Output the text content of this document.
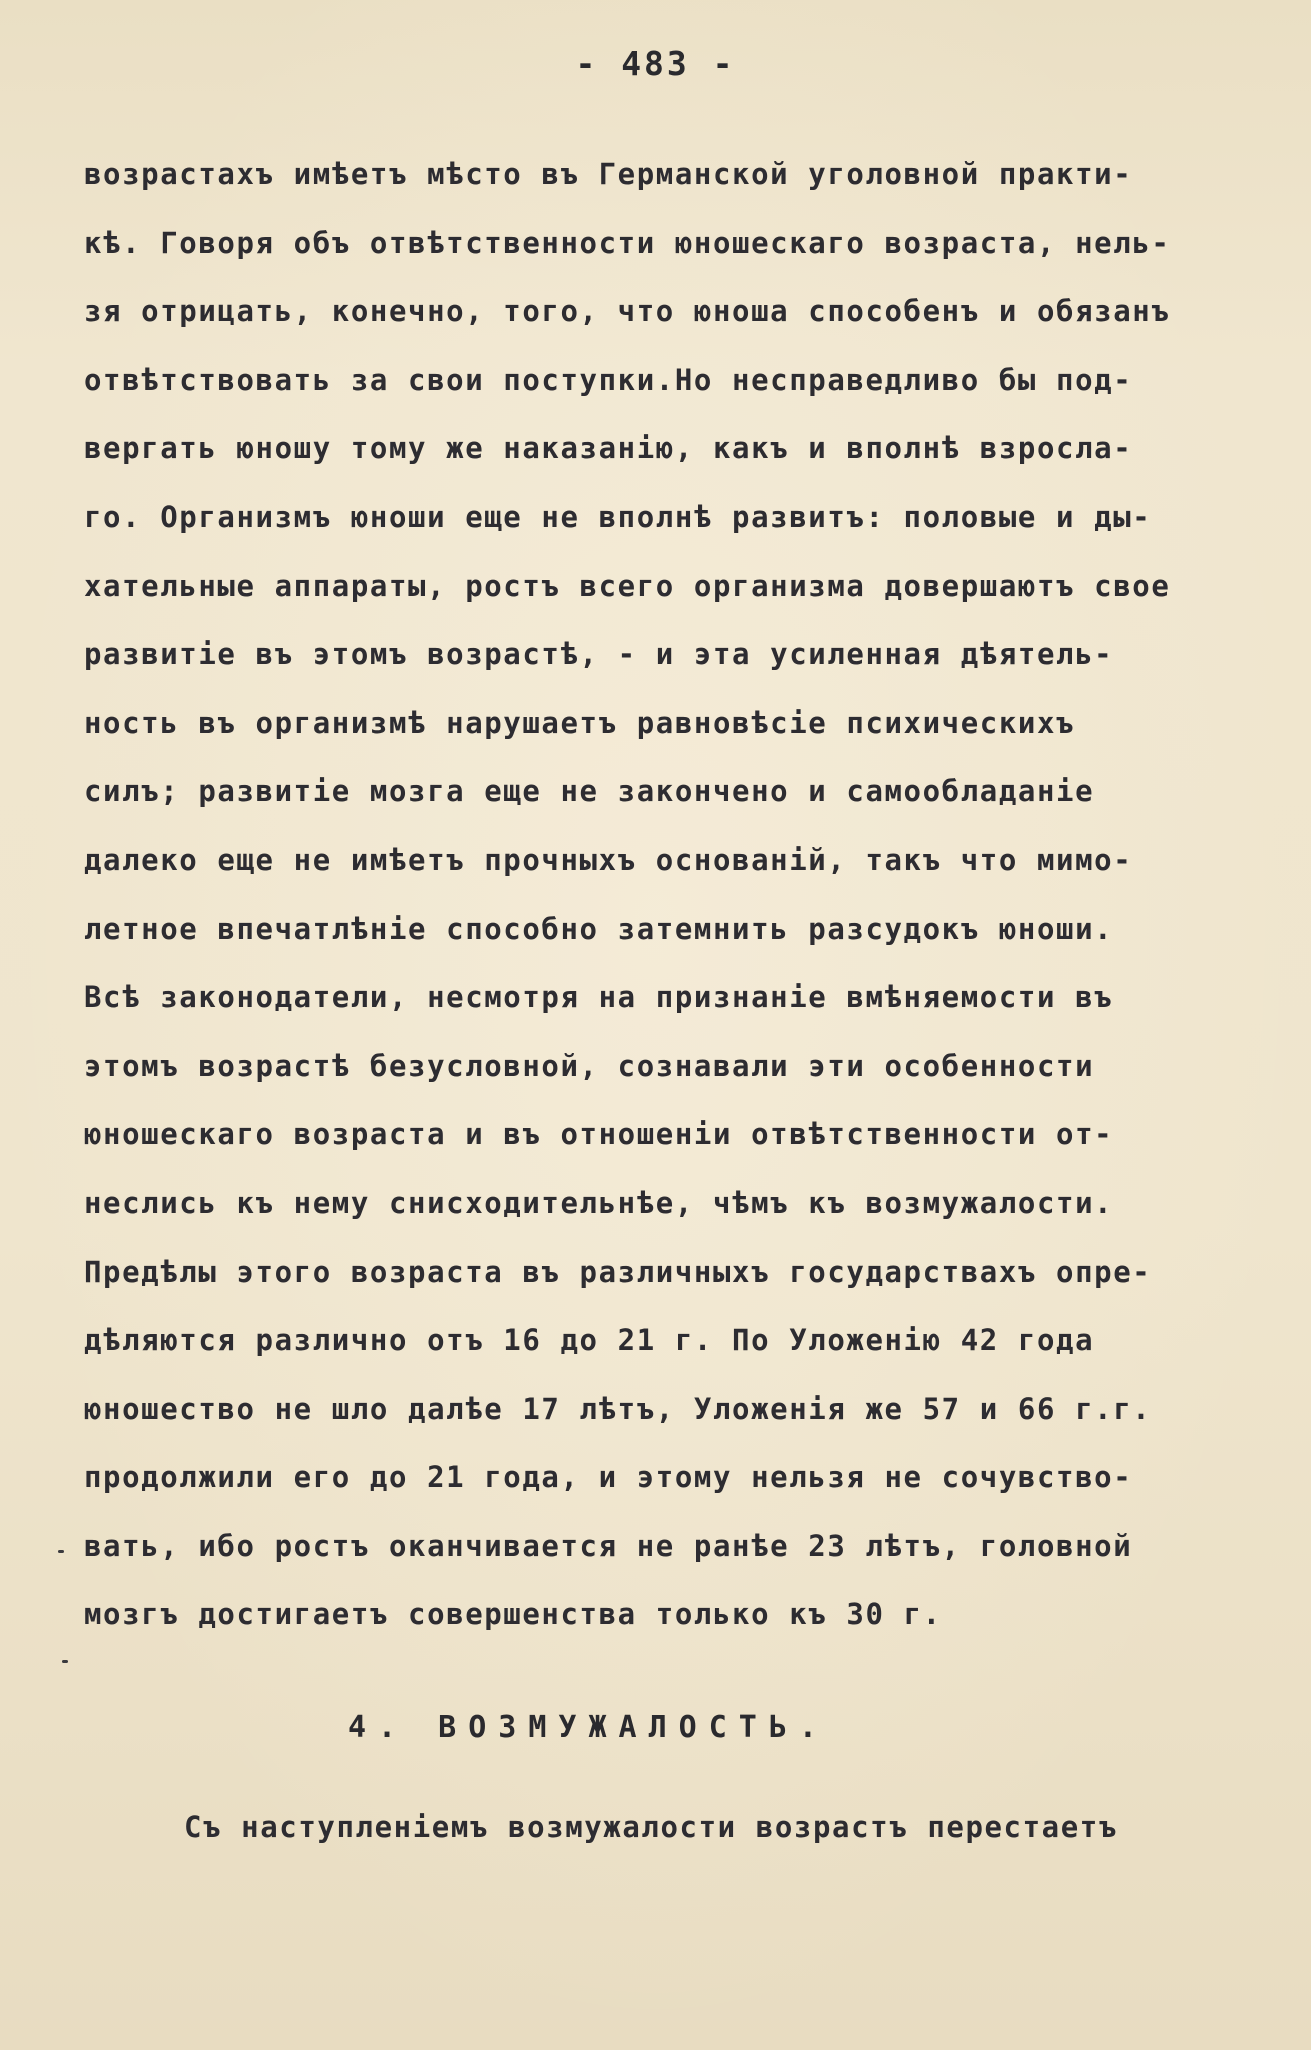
- 483 -
возрастахъ имѣетъ мѣсто въ Германской уголовной практи-
кѣ. Говоря объ отвѣтственности юношескаго возраста, нель-
зя отрицать, конечно, того, что юноша способенъ и обязанъ
отвѣтствовать за свои поступки.Но несправедливо бы под-
вергать юношу тому же наказанію, какъ и вполнѣ взросла-
го. Организмъ юноши еще не вполнѣ развитъ: половые и ды-
хательные аппараты, ростъ всего организма довершаютъ свое
развитіе въ этомъ возрастѣ, - и эта усиленная дѣятель-
ность въ организмѣ нарушаетъ равновѣсіе психическихъ
силъ; развитіе мозга еще не закончено и самообладаніе
далеко еще не имѣетъ прочныхъ основаній, такъ что мимо-
летное впечатлѣніе способно затемнить разсудокъ юноши.
Всѣ законодатели, несмотря на признаніе вмѣняемости въ
этомъ возрастѣ безусловной, сознавали эти особенности
юношескаго возраста и въ отношеніи отвѣтственности от-
неслись къ нему снисходительнѣе, чѣмъ къ возмужалости.
Предѣлы этого возраста въ различныхъ государствахъ опре-
дѣляются различно отъ 16 до 21 г. По Уложенію 42 года
юношество не шло далѣе 17 лѣтъ, Уложенія же 57 и 66 г.г.
продолжили его до 21 года, и этому нельзя не сочувство-
вать, ибо ростъ оканчивается не ранѣе 23 лѣтъ, головной
мозгъ достигаетъ совершенства только къ 30 г.
4. ВОЗМУЖАЛОСТЬ.
Съ наступленіемъ возмужалости возрастъ перестаетъ
